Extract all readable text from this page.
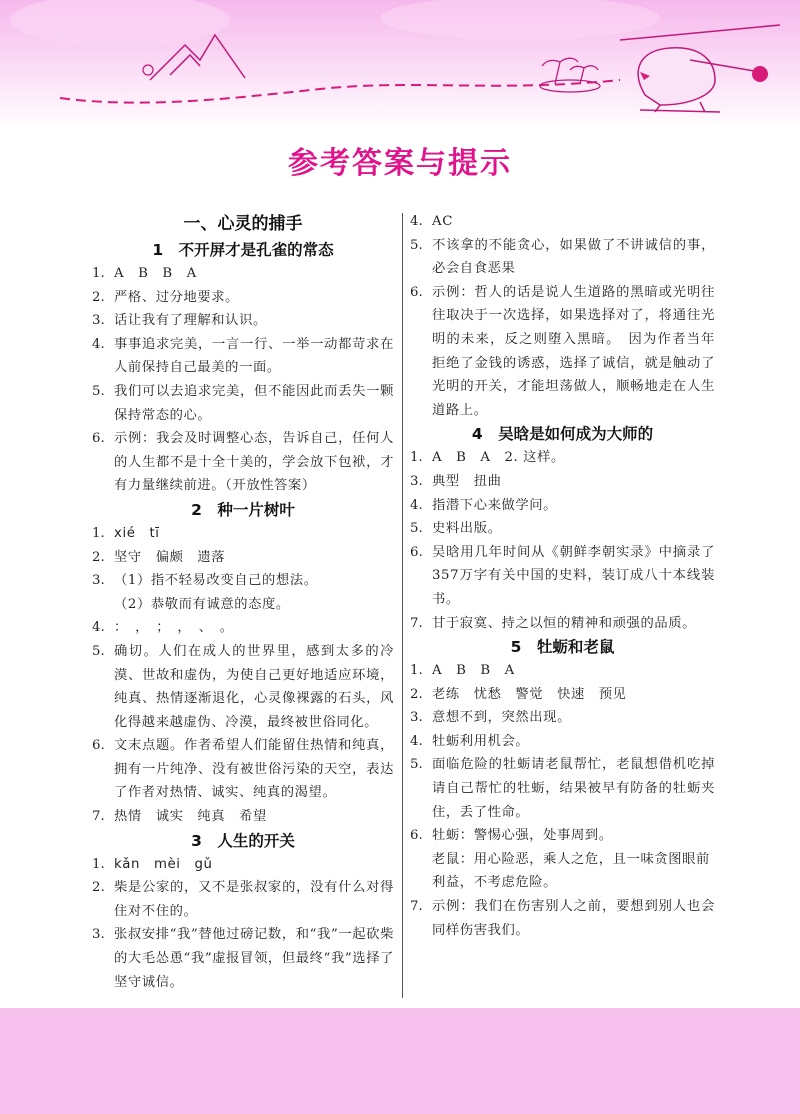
参考答案与提示
一、心灵的捕手
1　 不开屏才是孔雀的常态
1. A　B　B　A
2. 严格、过分地要求。
3. 话让我有了理解和认识。
4. 事事追求完美，一言一行、一举一动都苛求在人前保持自己最美的一面。
5. 我们可以去追求完美，但不能因此而丢失一颗保持常态的心。
6. 示例：我会及时调整心态，告诉自己，任何人的人生都不是十全十美的，学会放下包袱，才有力量继续前进。（开放性答案）
2　 种一片树叶
1. xié　tī
2. 坚守　偏颇　遗落
3. （1）指不轻易改变自己的想法。
（2）恭敬而有诚意的态度。
4. ：　，　；　，　、　。
5. 确切。人们在成人的世界里，感到太多的冷漠、世故和虚伪，为使自己更好地适应环境，纯真、热情逐渐退化，心灵像裸露的石头，风化得越来越虚伪、冷漠，最终被世俗同化。
6. 文末点题。作者希望人们能留住热情和纯真，拥有一片纯净、没有被世俗污染的天空，表达了作者对热情、诚实、纯真的渴望。
7. 热情　诚实　纯真　希望
3　 人生的开关
1. kǎn　mèi　gǔ
2. 柴是公家的，又不是张叔家的，没有什么对得住对不住的。
3. 张叔安排“我”替他过磅记数，和“我”一起砍柴的大毛怂恿“我”虚报冒领，但最终“我”选择了坚守诚信。
4. AC
5. 不该拿的不能贪心，如果做了不讲诚信的事，必会自食恶果
6. 示例：哲人的话是说人生道路的黑暗或光明往往取决于一次选择，如果选择对了，将通往光明的未来，反之则堕入黑暗。　因为作者当年拒绝了金钱的诱惑，选择了诚信，就是触动了光明的开关，才能坦荡做人，顺畅地走在人生道路上。
4　 吴晗是如何成为大师的
1. A　B　A　2. 这样。
3. 典型　扭曲
4. 指潜下心来做学问。
5. 史料出版。
6. 吴晗用几年时间从《朝鲜李朝实录》中摘录了357万字有关中国的史料，装订成八十本线装书。
7. 甘于寂寞、持之以恒的精神和顽强的品质。
5　 牡蛎和老鼠
1. A　B　B　A
2. 老练　忧愁　警觉　快速　预见
3. 意想不到，突然出现。
4. 牡蛎利用机会。
5. 面临危险的牡蛎请老鼠帮忙，老鼠想借机吃掉请自己帮忙的牡蛎，结果被早有防备的牡蛎夹住，丢了性命。
6. 牡蛎：警惕心强，处事周到。
老鼠：用心险恶，乘人之危，且一味贪图眼前利益，不考虑危险。
7. 示例：我们在伤害别人之前，要想到别人也会同样伤害我们。
